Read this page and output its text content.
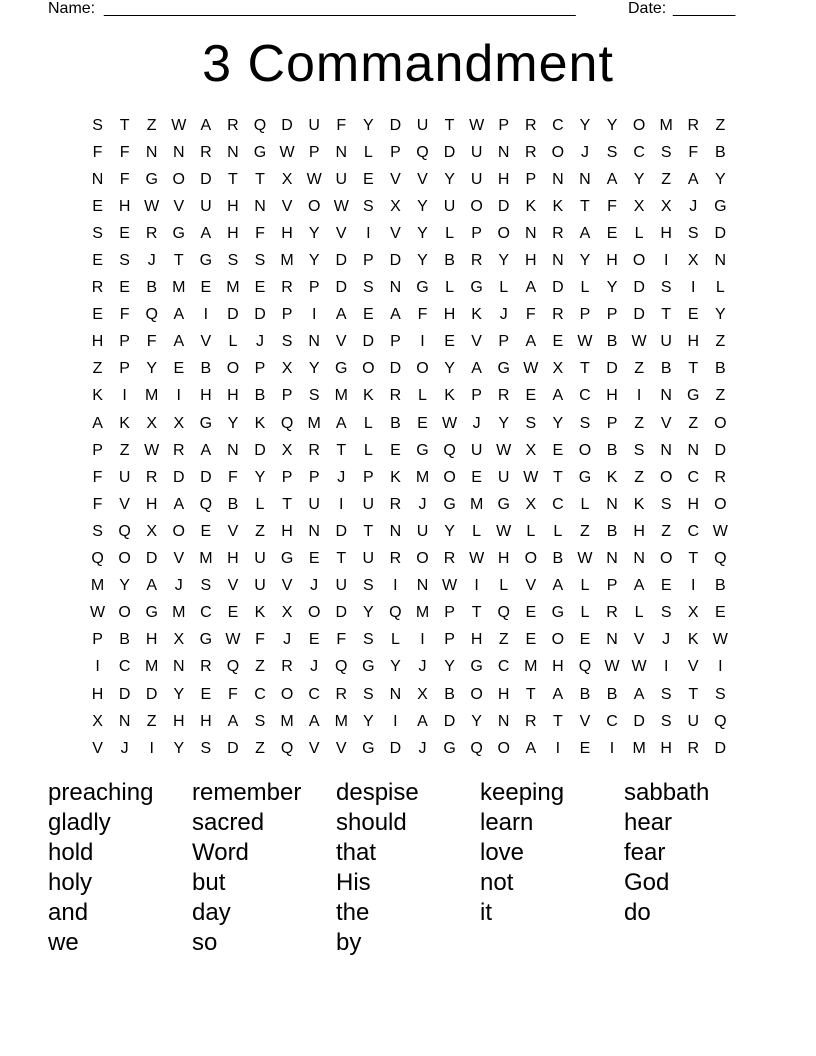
Name: _____________________________________________________	Date: _______
3 Commandment
S	T	Z W A R Q D U	F	Y D U	T W P R C Y	Y O M R	Z
F	F	N N R N G W P N	L	P Q D U N R O	J	S C S	F	B
N	F G O D	T	T	X W U E	V	V	Y U H P N N A	Y	Z	A	Y
E H W V U H N V O W S	X	Y U O D K	K	T	F	X	X	J	G
S	E R G A H	F	H Y	V	I	V	Y	L	P O N R A	E	L	H S D
E	S	J	T G S	S M Y D P D Y	B R Y H N Y H O	I	X N
R E	B M E M E R P D S N G	L	G	L	A D	L	Y D S	I	L
E	F Q A	I	D D P	I	A	E	A	F	H K	J	F	R P	P D	T	E	Y
H P	F	A	V	L	J	S N V D P	I	E	V	P	A	E W B W U H	Z
Z	P	Y	E	B O P	X	Y G O D O Y	A G W X	T	D	Z	B	T	B
K	I	M	I	H H B	P	S M K R	L	K	P R E	A C H	I	N G Z
A	K	X	X G Y	K Q M A	L	B	E W J	Y	S	Y	S	P	Z	V	Z O
P	Z W R A N D X R	T	L	E G Q U W X	E O B	S N N D
F	U R D D	F	Y	P	P	J	P	K M O E U W T G K	Z O C R
F	V H A Q B	L	T	U	I	U R	J	G M G X C	L	N K	S H O
S Q X O E	V	Z	H N D	T	N U Y	L W L	L	Z	B H	Z	C W
Q O D V M H U G E	T	U R O R W H O B W N N O T Q
M Y	A	J	S	V U V	J	U S	I	N W	I	L	V	A	L	P	A	E	I	B
W O G M C E	K	X O D Y Q M P	T Q E G	L	R	L	S	X	E
P	B H X G W F	J	E	F	S	L	I	P H	Z	E O E N V	J	K W
I	C M N R Q Z	R	J	Q G Y	J	Y G C M H Q W W	I	V	I
H D D Y	E	F	C O C R S N X	B O H	T	A	B	B	A	S	T	S
X N	Z	H H A	S M A M Y	I	A D Y N R	T	V C D S U Q
V	J	I	Y	S D	Z Q V	V G D	J	G Q O A	I	E	I	M H R D
preaching	remember	despise	keeping	sabbath
gladly	sacred	should	learn	hear
hold	Word	that	love	fear
holy	but	His	not	God
and	day	the	it	do
we	so	by
